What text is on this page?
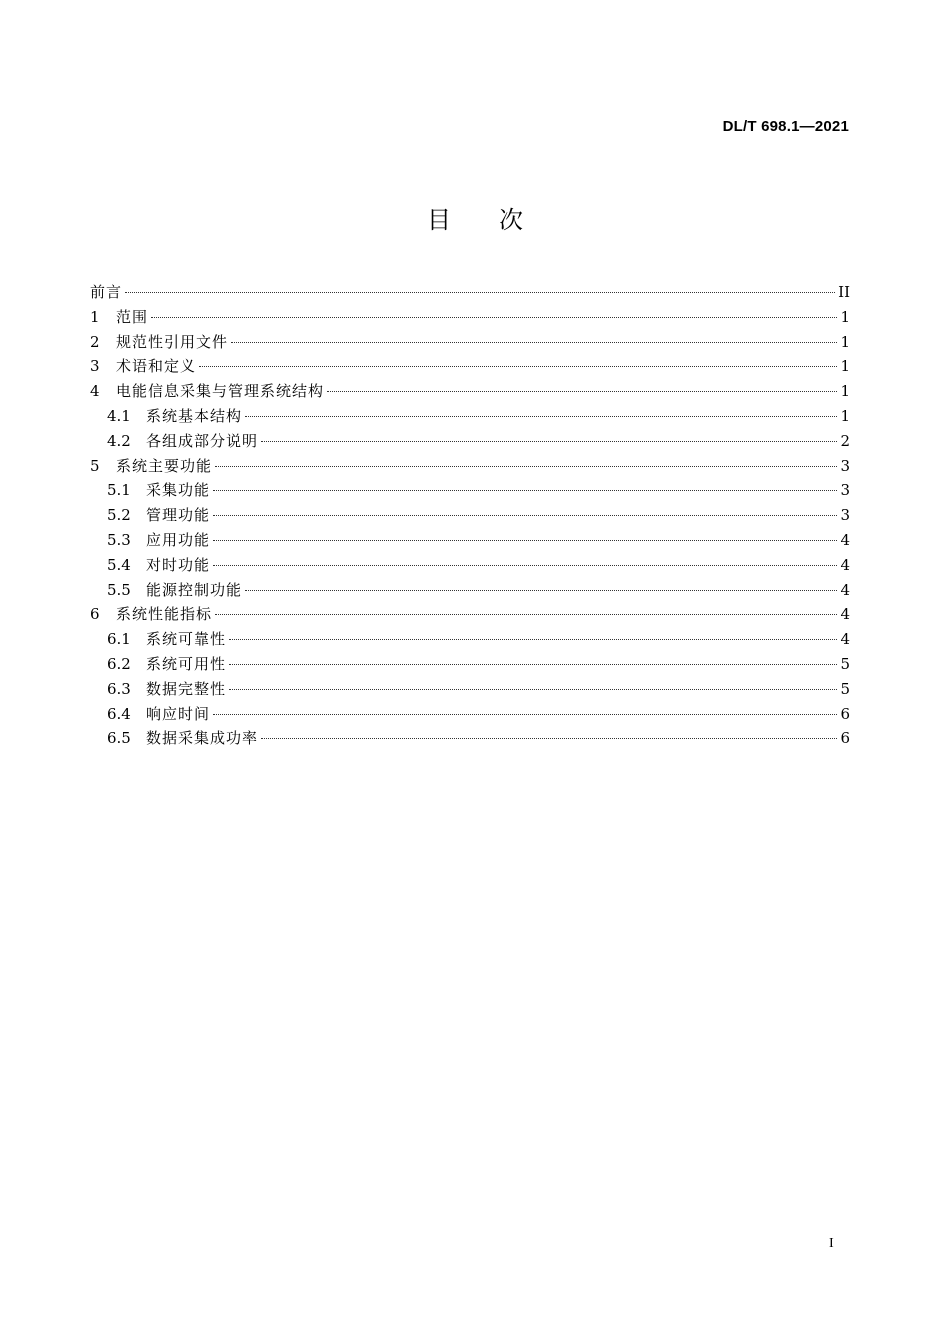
DL/T 698.1—2021
目 次
前言	II
1	范围	1
2	规范性引用文件	1
3	术语和定义	1
4	电能信息采集与管理系统结构	1
4.1	系统基本结构	1
4.2	各组成部分说明	2
5	系统主要功能	3
5.1	采集功能	3
5.2	管理功能	3
5.3	应用功能	4
5.4	对时功能	4
5.5	能源控制功能	4
6	系统性能指标	4
6.1	系统可靠性	4
6.2	系统可用性	5
6.3	数据完整性	5
6.4	响应时间	6
6.5	数据采集成功率	6
I
